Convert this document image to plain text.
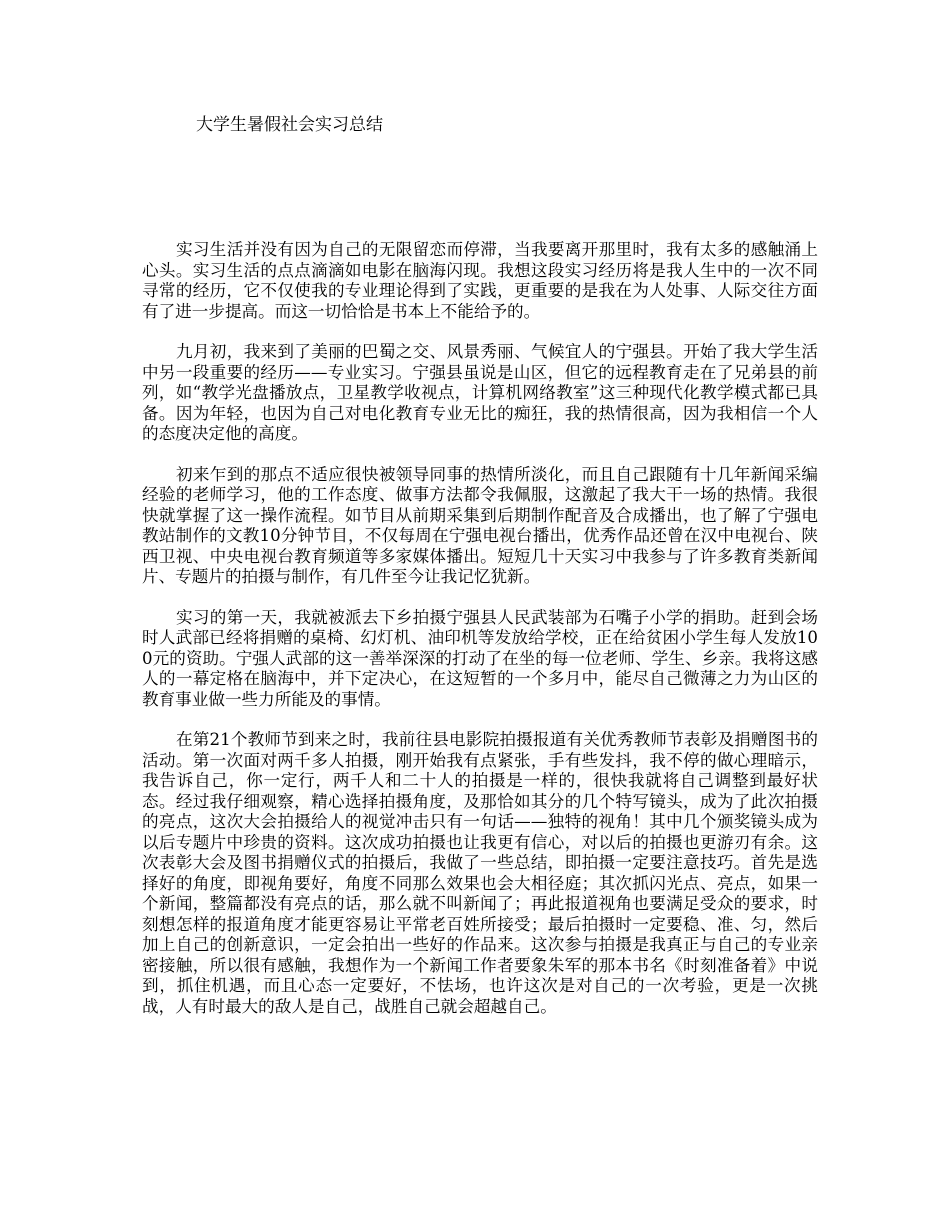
大学生暑假社会实习总结

实习生活并没有因为自己的无限留恋而停滞，当我要离开那里时，我有太多的感触涌上心头。实习生活的点点滴滴如电影在脑海闪现。我想这段实习经历将是我人生中的一次不同寻常的经历，它不仅使我的专业理论得到了实践，更重要的是我在为人处事、人际交往方面有了进一步提高。而这一切恰恰是书本上不能给予的。

九月初，我来到了美丽的巴蜀之交、风景秀丽、气候宜人的宁强县。开始了我大学生活中另一段重要的经历——专业实习。宁强县虽说是山区，但它的远程教育走在了兄弟县的前列，如“教学光盘播放点，卫星教学收视点，计算机网络教室”这三种现代化教学模式都已具备。因为年轻，也因为自己对电化教育专业无比的痴狂，我的热情很高，因为我相信一个人的态度决定他的高度。

初来乍到的那点不适应很快被领导同事的热情所淡化，而且自己跟随有十几年新闻采编经验的老师学习，他的工作态度、做事方法都令我佩服，这激起了我大干一场的热情。我很快就掌握了这一操作流程。如节目从前期采集到后期制作配音及合成播出，也了解了宁强电教站制作的文教10分钟节目，不仅每周在宁强电视台播出，优秀作品还曾在汉中电视台、陕西卫视、中央电视台教育频道等多家媒体播出。短短几十天实习中我参与了许多教育类新闻片、专题片的拍摄与制作，有几件至今让我记忆犹新。

实习的第一天，我就被派去下乡拍摄宁强县人民武装部为石嘴子小学的捐助。赶到会场时人武部已经将捐赠的桌椅、幻灯机、油印机等发放给学校，正在给贫困小学生每人发放100元的资助。宁强人武部的这一善举深深的打动了在坐的每一位老师、学生、乡亲。我将这感人的一幕定格在脑海中，并下定决心，在这短暂的一个多月中，能尽自己微薄之力为山区的教育事业做一些力所能及的事情。

在第21个教师节到来之时，我前往县电影院拍摄报道有关优秀教师节表彰及捐赠图书的活动。第一次面对两千多人拍摄，刚开始我有点紧张，手有些发抖，我不停的做心理暗示，我告诉自己，你一定行，两千人和二十人的拍摄是一样的，很快我就将自己调整到最好状态。经过我仔细观察，精心选择拍摄角度，及那恰如其分的几个特写镜头，成为了此次拍摄的亮点，这次大会拍摄给人的视觉冲击只有一句话——独特的视角！其中几个颁奖镜头成为以后专题片中珍贵的资料。这次成功拍摄也让我更有信心，对以后的拍摄也更游刃有余。这次表彰大会及图书捐赠仪式的拍摄后，我做了一些总结，即拍摄一定要注意技巧。首先是选择好的角度，即视角要好，角度不同那么效果也会大相径庭；其次抓闪光点、亮点，如果一个新闻，整篇都没有亮点的话，那么就不叫新闻了；再此报道视角也要满足受众的要求，时刻想怎样的报道角度才能更容易让平常老百姓所接受；最后拍摄时一定要稳、准、匀，然后加上自己的创新意识，一定会拍出一些好的作品来。这次参与拍摄是我真正与自己的专业亲密接触，所以很有感触，我想作为一个新闻工作者要象朱军的那本书名《时刻准备着》中说到，抓住机遇，而且心态一定要好，不怯场，也许这次是对自己的一次考验，更是一次挑战，人有时最大的敌人是自己，战胜自己就会超越自己。
